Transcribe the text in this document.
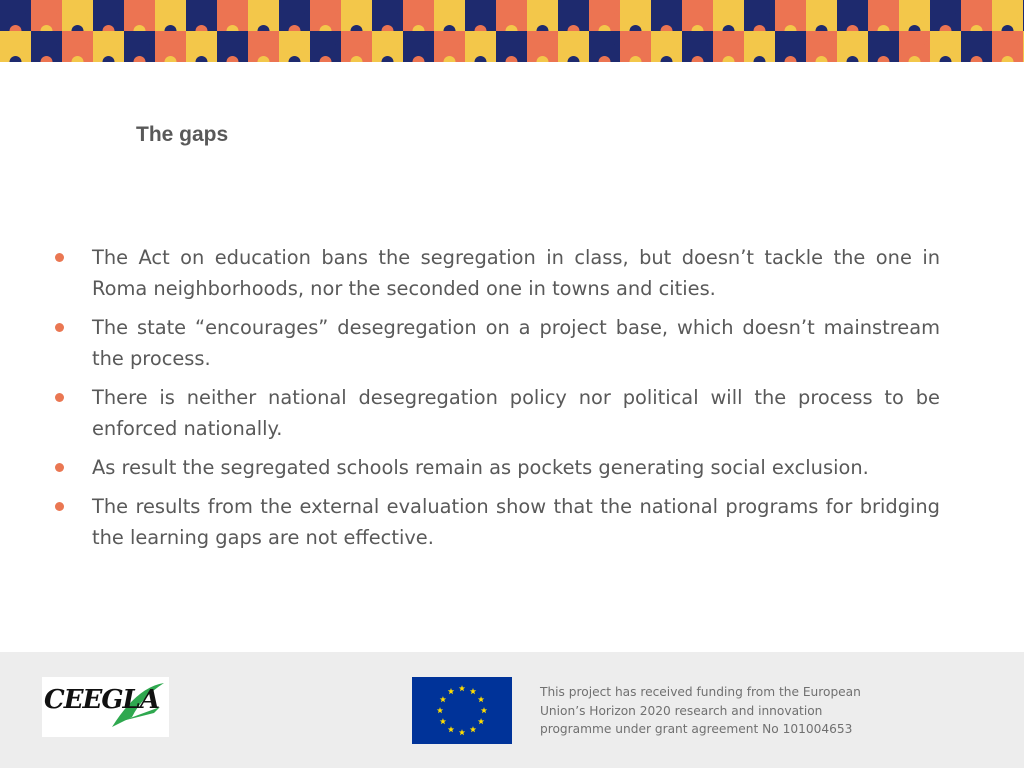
The gaps
The Act on education bans the segregation in class, but doesn’t tackle the one in Roma neighborhoods, nor the seconded one in towns and cities.
The state “encourages” desegregation on a project base, which doesn’t mainstream the process.
There is neither national desegregation policy nor political will the process to be enforced nationally.
As result the segregated schools remain as pockets generating social exclusion.
The results from the external evaluation show that the national programs for bridging the learning gaps are not effective.
CEEGLA	This project has received funding from the European
Union’s Horizon 2020 research and innovation
programme under grant agreement No 101004653
